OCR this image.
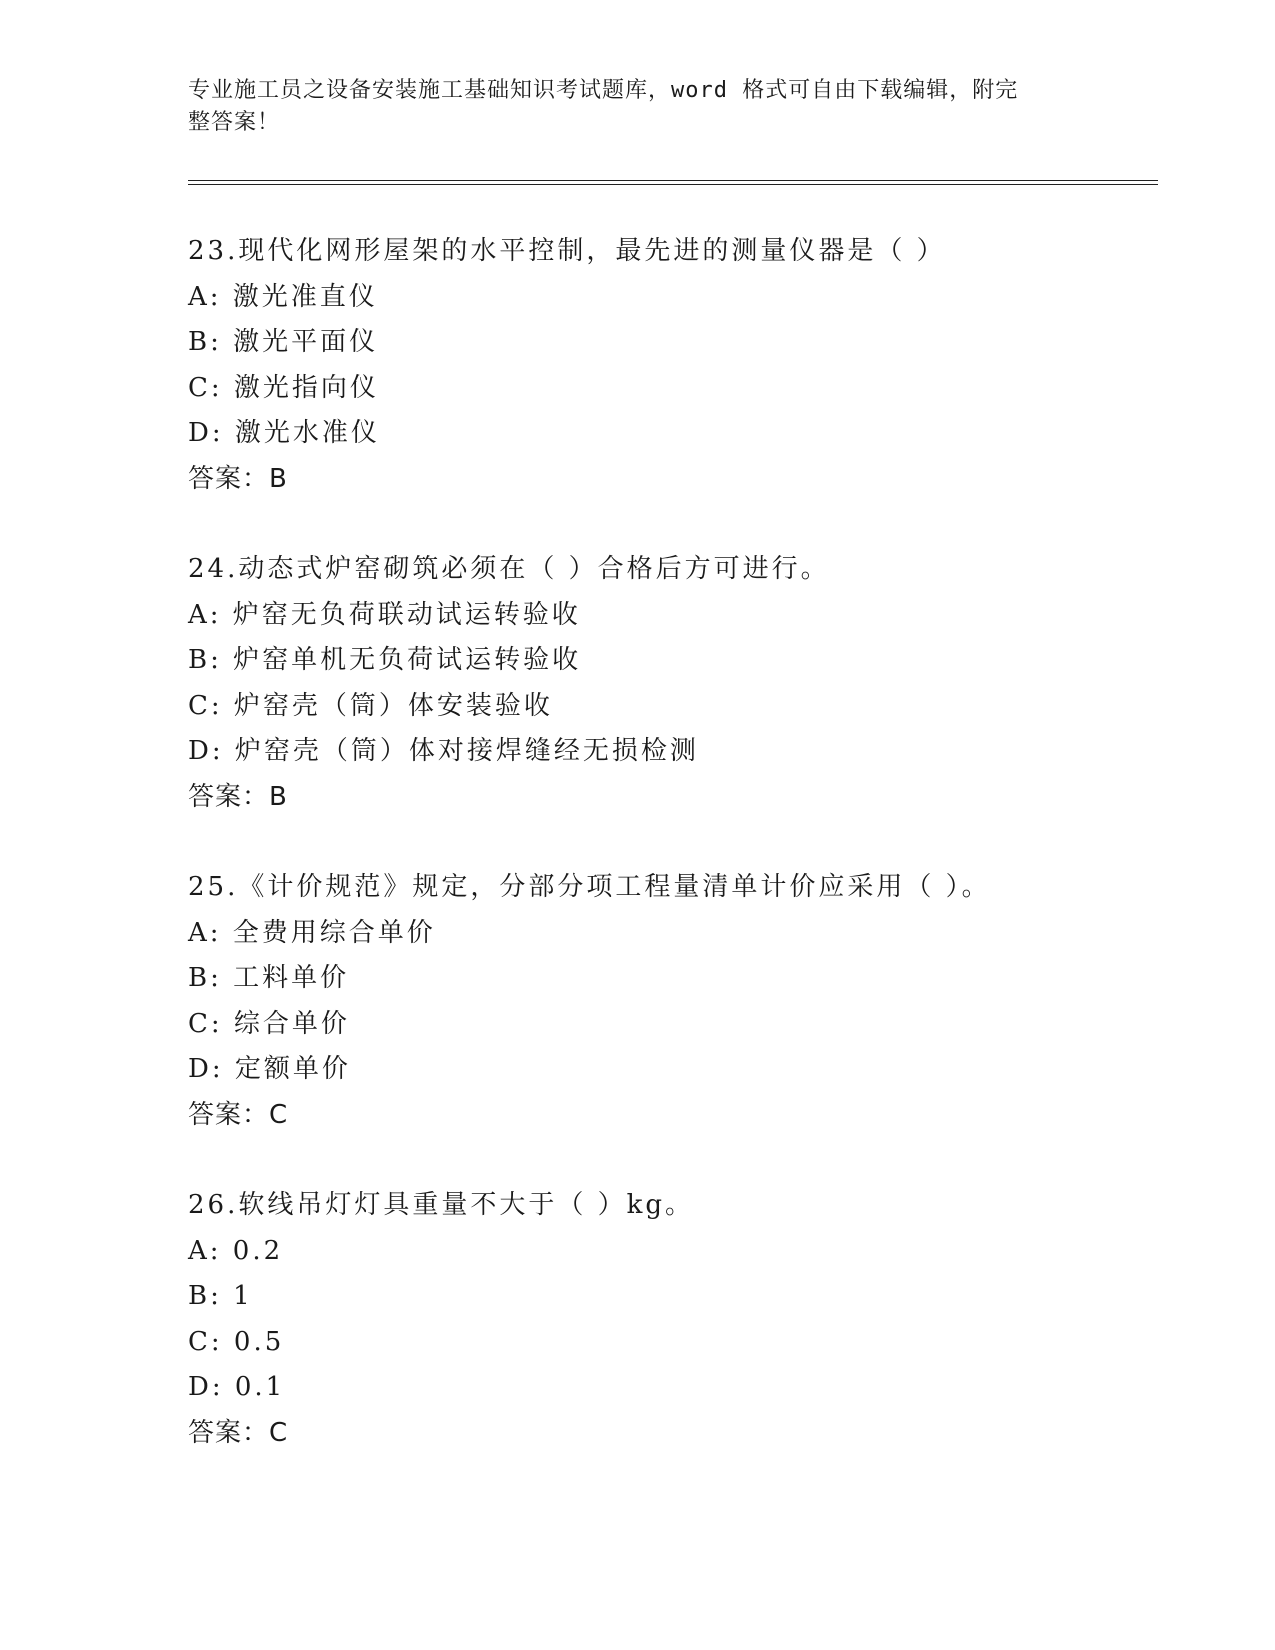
专业施工员之设备安装施工基础知识考试题库，word 格式可自由下载编辑，附完
整答案！
23.现代化网形屋架的水平控制，最先进的测量仪器是（ ）
A: 激光准直仪
B: 激光平面仪
C: 激光指向仪
D: 激光水准仪
答案：B
24.动态式炉窑砌筑必须在（ ）合格后方可进行。
A: 炉窑无负荷联动试运转验收
B: 炉窑单机无负荷试运转验收
C: 炉窑壳（筒）体安装验收
D: 炉窑壳（筒）体对接焊缝经无损检测
答案：B
25.《计价规范》规定，分部分项工程量清单计价应采用（ ）。
A: 全费用综合单价
B: 工料单价
C: 综合单价
D: 定额单价
答案：C
26.软线吊灯灯具重量不大于（ ）kg。
A: 0.2
B: 1
C: 0.5
D: 0.1
答案：C
